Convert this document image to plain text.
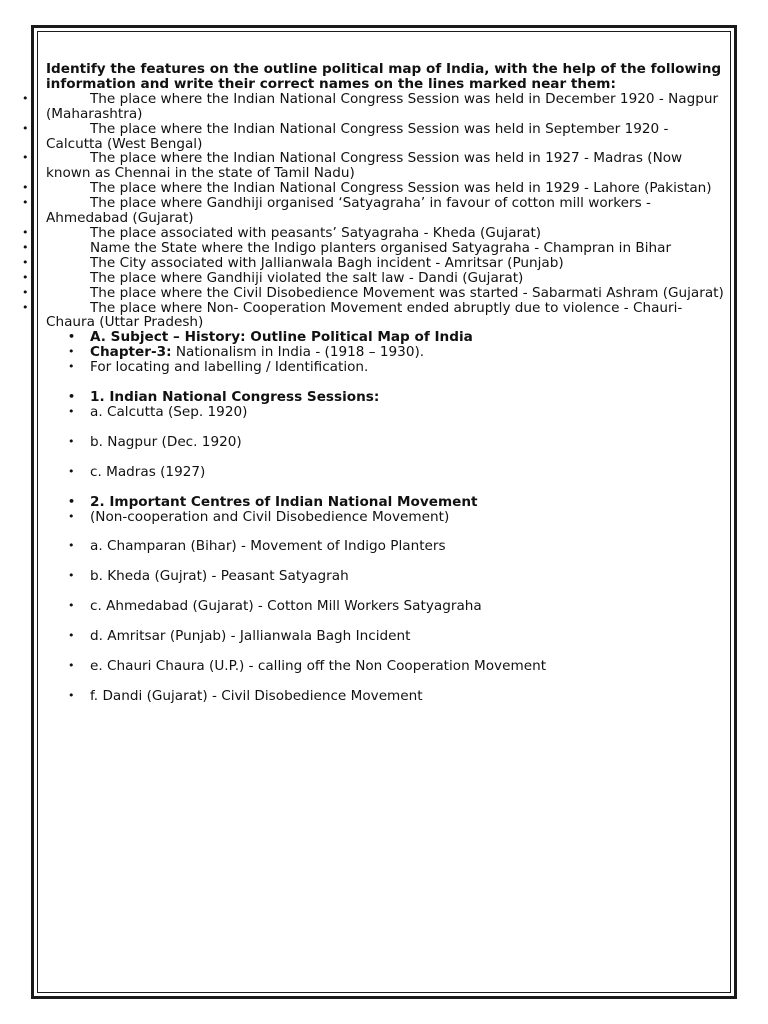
Identify the features on the outline political map of India, with the help of the following information and write their correct names on the lines marked near them:

• The place where the Indian National Congress Session was held in December 1920 - Nagpur (Maharashtra)
• The place where the Indian National Congress Session was held in September 1920 - Calcutta (West Bengal)
• The place where the Indian National Congress Session was held in 1927 - Madras (Now known as Chennai in the state of Tamil Nadu)
• The place where the Indian National Congress Session was held in 1929 - Lahore (Pakistan)
• The place where Gandhiji organised ‘Satyagraha’ in favour of cotton mill workers - Ahmedabad (Gujarat)
• The place associated with peasants’ Satyagraha - Kheda (Gujarat)
• Name the State where the Indigo planters organised Satyagraha - Champran in Bihar
• The City associated with Jallianwala Bagh incident - Amritsar (Punjab)
• The place where Gandhiji violated the salt law - Dandi (Gujarat)
• The place where the Civil Disobedience Movement was started - Sabarmati Ashram (Gujarat)
• The place where Non- Cooperation Movement ended abruptly due to violence - Chauri-Chaura (Uttar Pradesh)
• A. Subject – History: Outline Political Map of India
• Chapter-3: Nationalism in India - (1918 – 1930).
• For locating and labelling / Identification.
• 1. Indian National Congress Sessions:
• a. Calcutta (Sep. 1920)
• b. Nagpur (Dec. 1920)
• c. Madras (1927)
• 2. Important Centres of Indian National Movement
• (Non-cooperation and Civil Disobedience Movement)
• a. Champaran (Bihar) - Movement of Indigo Planters
• b. Kheda (Gujrat) - Peasant Satyagrah
• c. Ahmedabad (Gujarat) - Cotton Mill Workers Satyagraha
• d. Amritsar (Punjab) - Jallianwala Bagh Incident
• e. Chauri Chaura (U.P.) - calling off the Non Cooperation Movement
• f. Dandi (Gujarat) - Civil Disobedience Movement
